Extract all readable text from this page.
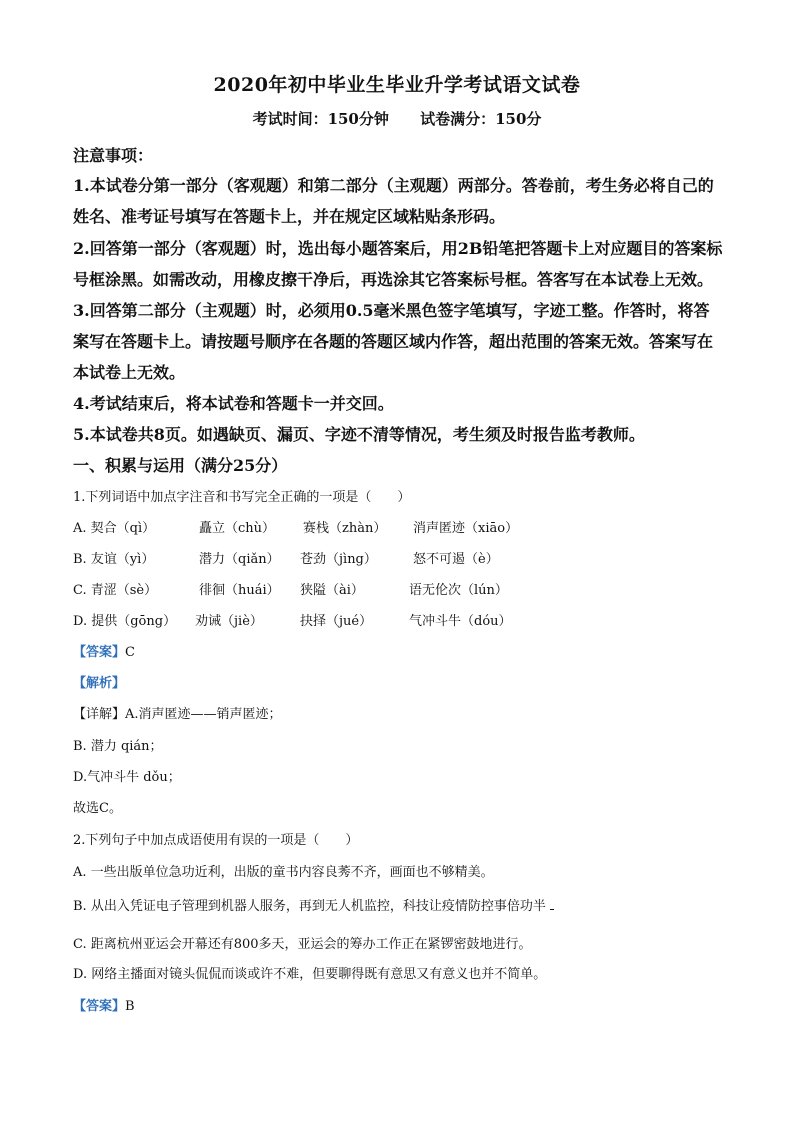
2020年初中毕业生毕业升学考试语文试卷
考试时间：150分钟 试卷满分：150分
注意事项：
1.本试卷分第一部分（客观题）和第二部分（主观题）两部分。答卷前，考生务必将自己的
姓名、准考证号填写在答题卡上，并在规定区域粘贴条形码。
2.回答第一部分（客观题）时，选出每小题答案后，用2B铅笔把答题卡上对应题目的答案标
号框涂黑。如需改动，用橡皮擦干净后，再选涂其它答案标号框。答客写在本试卷上无效。
3.回答第二部分（主观题）时，必须用0.5毫米黑色签字笔填写，字迹工整。作答时，将答
案写在答题卡上。请按题号顺序在各题的答题区域内作答，超出范围的答案无效。答案写在
本试卷上无效。
4.考试结束后，将本试卷和答题卡一并交回。
5.本试卷共8页。如遇缺页、漏页、字迹不清等情况，考生须及时报告监考教师。
一、积累与运用（满分25分）
1.下列词语中加点字注音和书写完全正确的一项是（　　）
A. 契合（qì）	矗立（chù） 赛栈（zhàn） 消声匿迹（xiāo）
B. 友谊（yì）	潜力（qiǎn） 苍劲（jìng）	怒不可遏（è）
C. 青涩（sè）	徘徊（huái） 狭隘（ài）	语无伦次（lún）
D. 提供（gōng） 劝诫（jiè）	抉择（jué）	气冲斗牛（dóu）
【答案】C
【解析】
【详解】A.消声匿迹——销声匿迹；
B. 潜力 qián；
D.气冲斗牛 dǒu；
故选C。
2.下列句子中加点成语使用有误的一项是（　　）
A. 一些出版单位急功近利，出版的童书内容良莠不齐，画面也不够精美。
B. 从出入凭证电子管理到机器人服务，再到无人机监控，科技让疫情防控事倍功半
C. 距离杭州亚运会开幕还有800多天，亚运会的筹办工作正在紧锣密鼓地进行。
D. 网络主播面对镜头侃侃而谈或许不难，但要聊得既有意思又有意义也并不简单。
【答案】B
